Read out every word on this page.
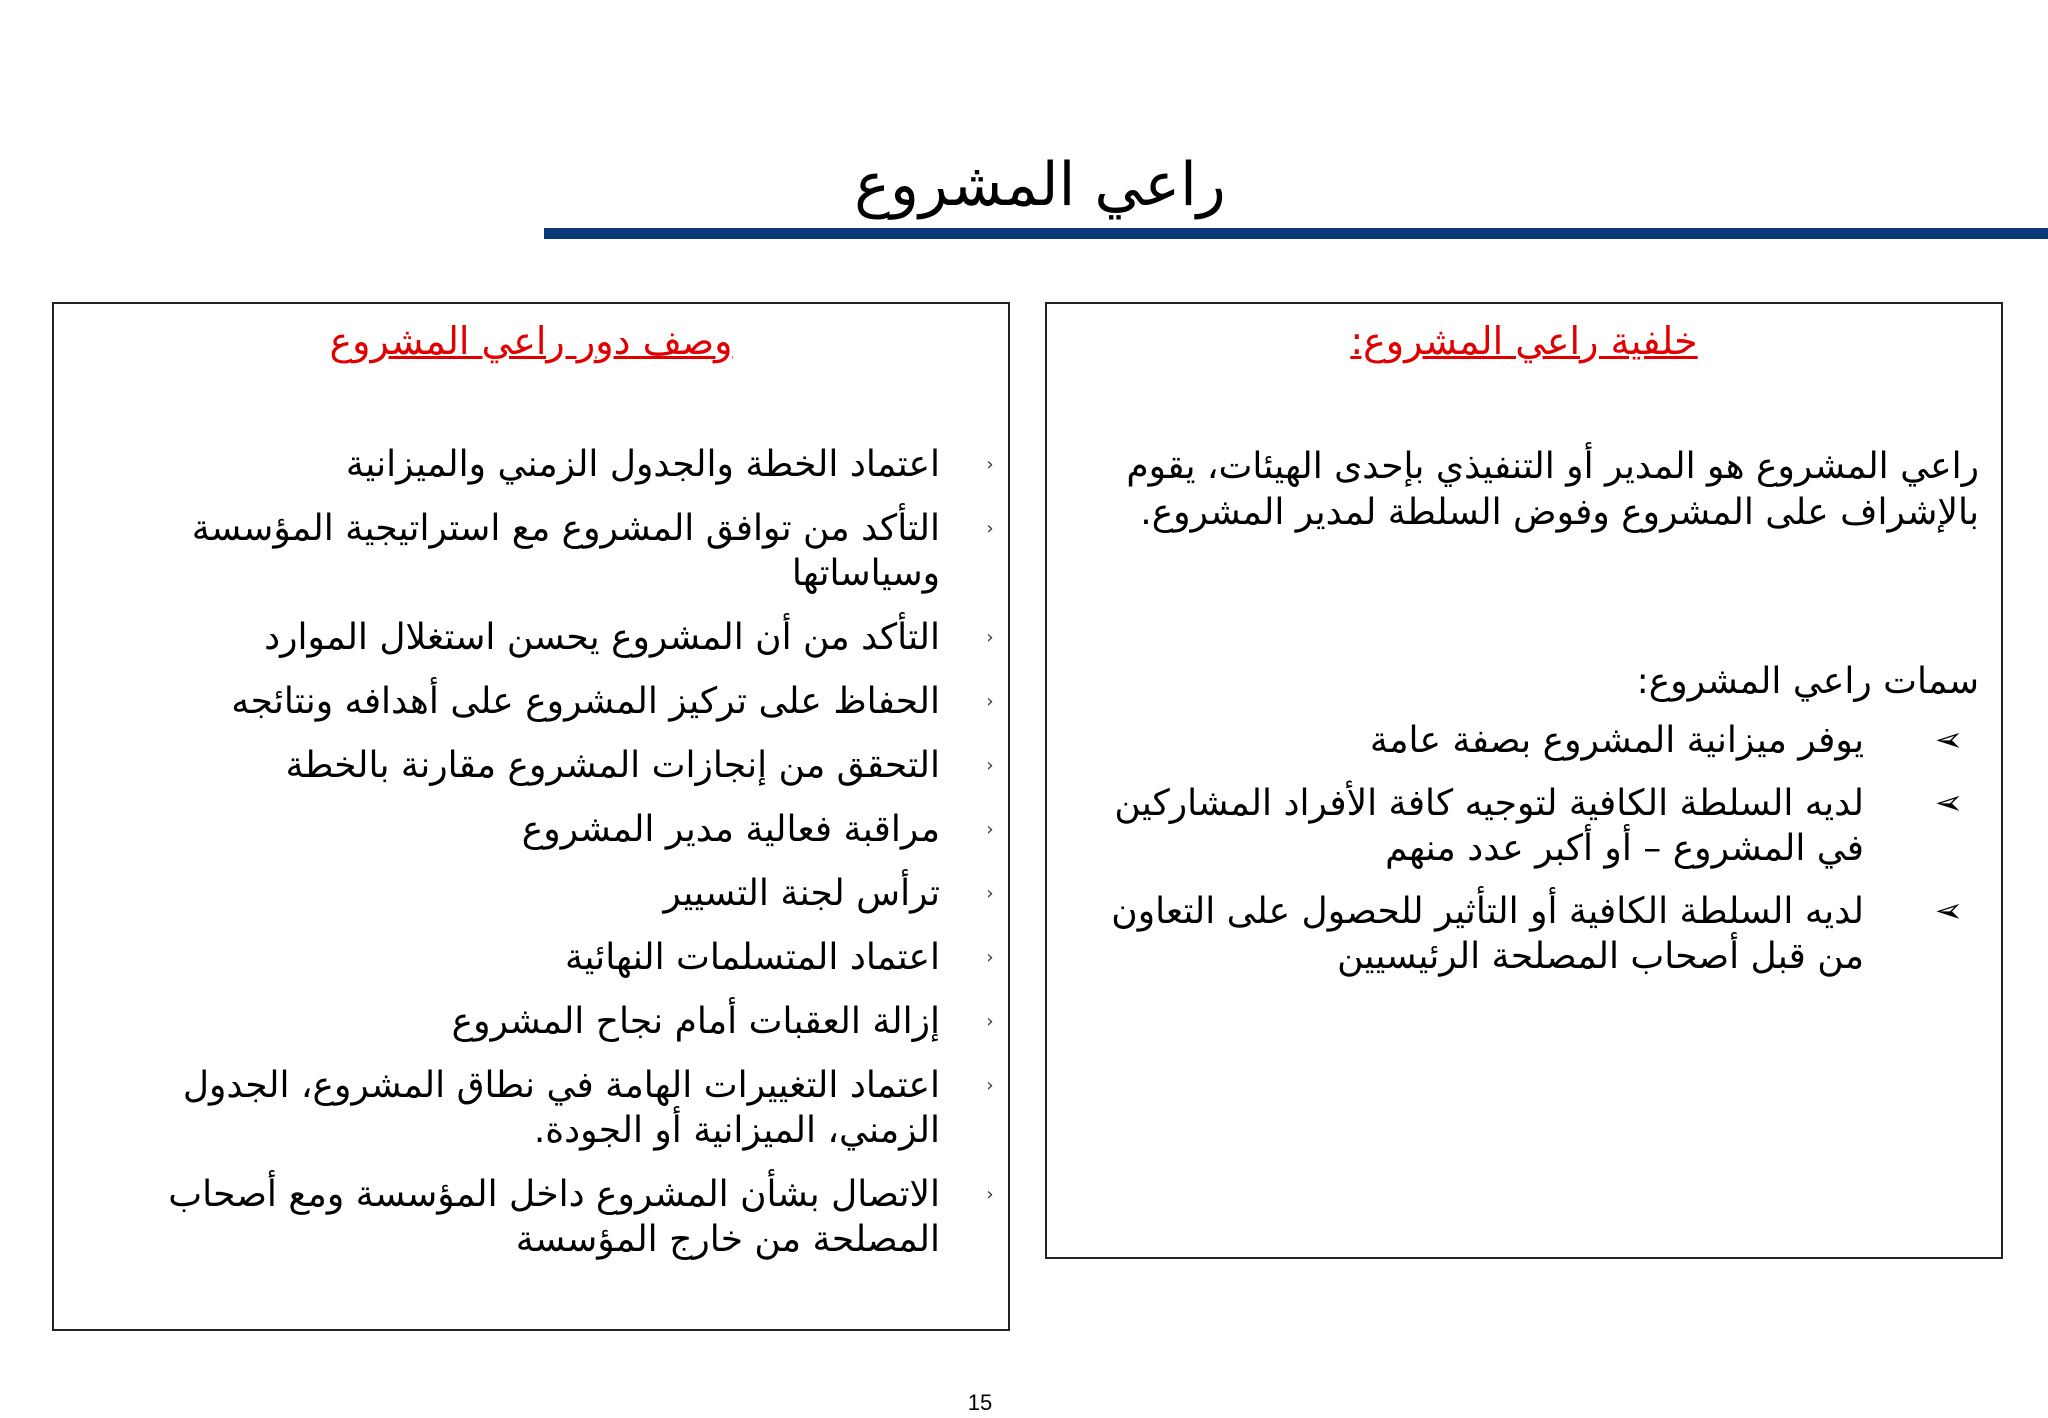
راعي المشروع
وصف دور راعي المشروع
‹
اعتماد الخطة والجدول الزمني والميزانية
‹
التأكد من توافق المشروع مع استراتيجية المؤسسة وسياساتها
‹
التأكد من أن المشروع يحسن استغلال الموارد
‹
الحفاظ على تركيز المشروع على أهدافه ونتائجه
‹
التحقق من إنجازات المشروع مقارنة بالخطة
‹
مراقبة فعالية مدير المشروع
‹
ترأس لجنة التسيير
‹
اعتماد المتسلمات النهائية
‹
إزالة العقبات أمام نجاح المشروع
‹
اعتماد التغييرات الهامة في نطاق المشروع، الجدول الزمني، الميزانية أو الجودة.
‹
الاتصال بشأن المشروع داخل المؤسسة ومع أصحاب المصلحة من خارج المؤسسة
خلفية راعي المشروع:
راعي المشروع هو المدير أو التنفيذي بإحدى الهيئات، يقوم بالإشراف على المشروع وفوض السلطة لمدير المشروع.
سمات راعي المشروع:
➢
يوفر ميزانية المشروع بصفة عامة
➢
لديه السلطة الكافية لتوجيه كافة الأفراد المشاركين في المشروع – أو أكبر عدد منهم
➢
لديه السلطة الكافية أو التأثير للحصول على التعاون من قبل أصحاب المصلحة الرئيسيين
15
